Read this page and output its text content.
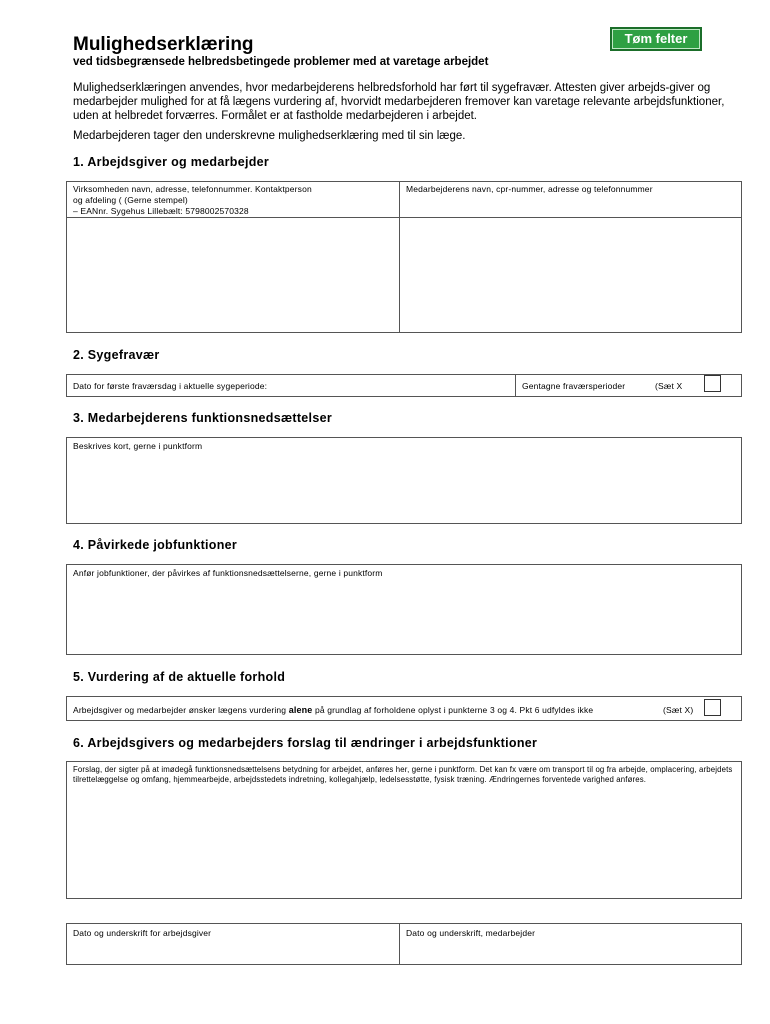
Mulighedserklæring
ved tidsbegrænsede helbredsbetingede problemer med at varetage arbejdet
Tøm felter
Mulighedserklæringen anvendes, hvor medarbejderens helbredsforhold har ført til sygefravær. Attesten giver arbejds-giver og medarbejder mulighed for at få lægens vurdering af, hvorvidt medarbejderen fremover kan varetage relevante arbejdsfunktioner, uden at helbredet forværres. Formålet er at fastholde medarbejderen i arbejdet.
Medarbejderen tager den underskrevne mulighedserklæring med til sin læge.
1. Arbejdsgiver og medarbejder
Virksomheden navn, adresse, telefonnummer. Kontaktperson
og afdeling ( (Gerne stempel)
– EANnr. Sygehus Lillebælt: 5798002570328
Medarbejderens navn, cpr-nummer, adresse og telefonnummer
2. Sygefravær
Dato for første fraværsdag i aktuelle sygeperiode:	Gentagne fraværsperioder	(Sæt X
3. Medarbejderens funktionsnedsættelser
Beskrives kort, gerne i punktform
4. Påvirkede jobfunktioner
Anfør jobfunktioner, der påvirkes af funktionsnedsættelserne, gerne i punktform
5. Vurdering af de aktuelle forhold
Arbejdsgiver og medarbejder ønsker lægens vurdering alene på grundlag af forholdene oplyst i punkterne 3 og 4. Pkt 6 udfyldes ikke	(Sæt X)
6. Arbejdsgivers og medarbejders forslag til ændringer i arbejdsfunktioner
Forslag, der sigter på at imødegå funktionsnedsættelsens betydning for arbejdet, anføres her, gerne i punktform. Det kan fx være om transport til og fra arbejde, omplacering, arbejdets tilrettelæggelse og omfang, hjemmearbejde, arbejdsstedets indretning, kollegahjælp, ledelsesstøtte, fysisk træning. Ændringernes forventede varighed anføres.
Dato og underskrift for arbejdsgiver	Dato og underskrift, medarbejder
